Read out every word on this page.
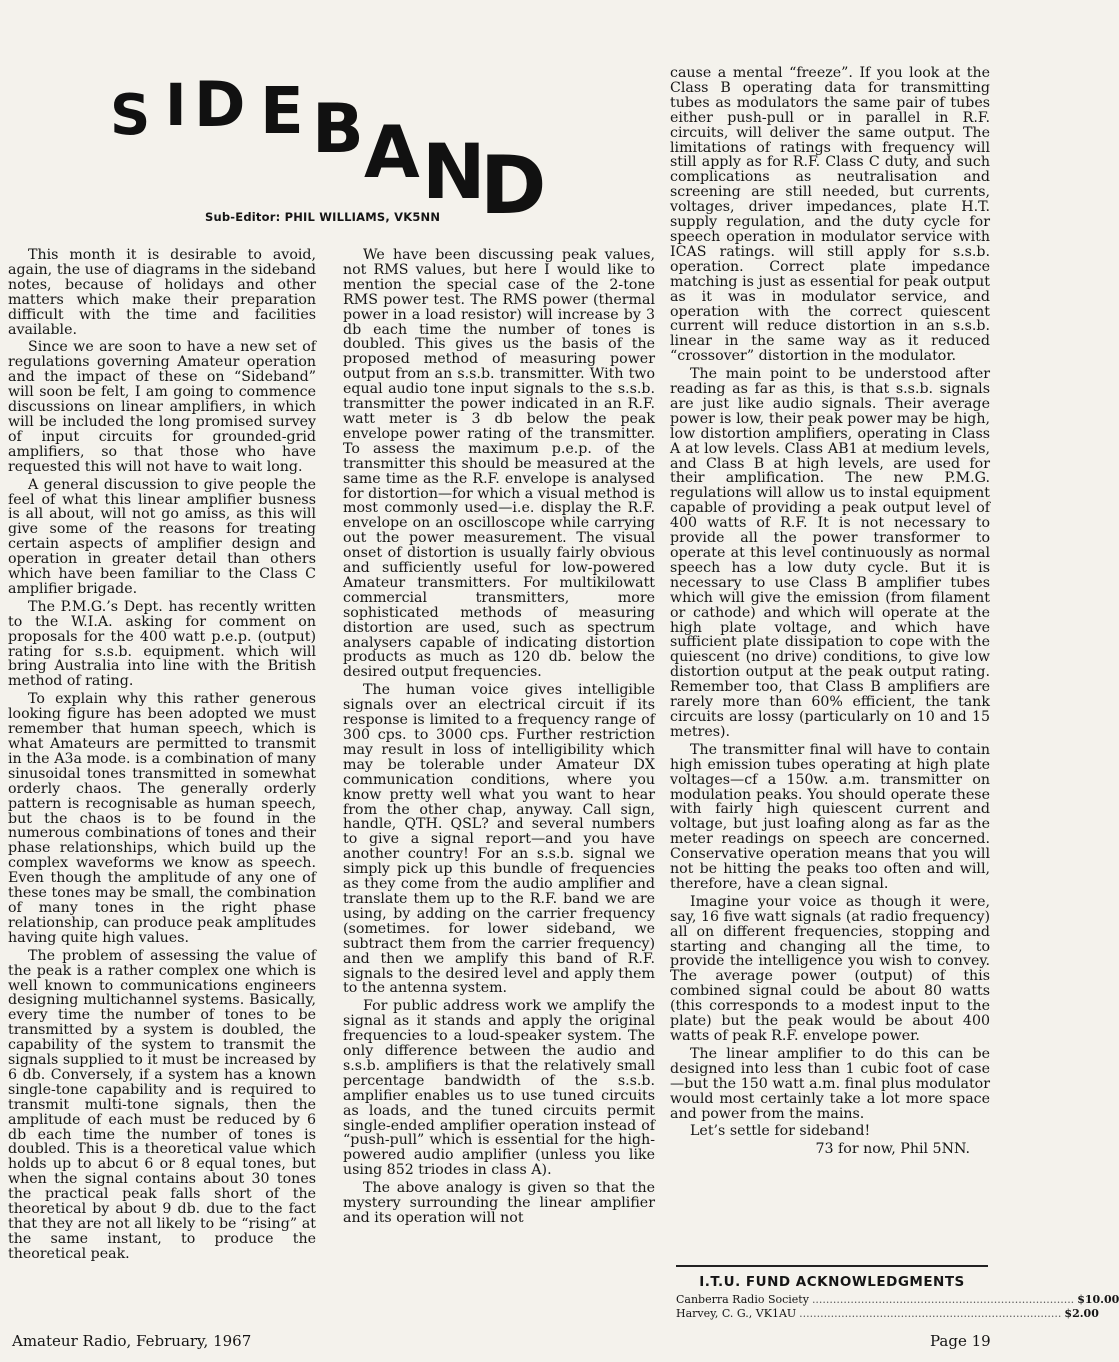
S I D E B A N
D
Sub-Editor: PHIL WILLIAMS, VK5NN

This month it is desirable to avoid, again, the use of diagrams in the sideband notes, because of holidays and other matters which make their preparation difficult with the time and facilities available.

Since we are soon to have a new set of regulations governing Amateur operation and the impact of these on “Sideband” will soon be felt, I am going to commence discussions on linear amplifiers, in which will be included the long promised survey of input circuits for grounded-grid amplifiers, so that those who have requested this will not have to wait long.

A general discussion to give people the feel of what this linear amplifier busness is all about, will not go amiss, as this will give some of the reasons for treating certain aspects of amplifier design and operation in greater detail than others which have been familiar to the Class C amplifier brigade.

The P.M.G.’s Dept. has recently written to the W.I.A. asking for comment on proposals for the 400 watt p.e.p. (output) rating for s.s.b. equipment. which will bring Australia into line with the British method of rating.

To explain why this rather generous looking figure has been adopted we must remember that human speech, which is what Amateurs are permitted to transmit in the A3a mode. is a combination of many sinusoidal tones transmitted in somewhat orderly chaos. The generally orderly pattern is recognisable as human speech, but the chaos is to be found in the numerous combinations of tones and their phase relationships, which build up the complex waveforms we know as speech. Even though the amplitude of any one of these tones may be small, the combination of many tones in the right phase relationship, can produce peak amplitudes having quite high values.

The problem of assessing the value of the peak is a rather complex one which is well known to communications engineers designing multichannel systems. Basically, every time the number of tones to be transmitted by a system is doubled, the capability of the system to transmit the signals supplied to it must be increased by 6 db. Conversely, if a system has a known single-tone capability and is required to transmit multi-tone signals, then the amplitude of each must be reduced by 6 db each time the number of tones is doubled. This is a theoretical value which holds up to abcut 6 or 8 equal tones, but when the signal contains about 30 tones the practical peak falls short of the theoretical by about 9 db. due to the fact that they are not all likely to be “rising” at the same instant, to produce the theoretical peak.

We have been discussing peak values, not RMS values, but here I would like to mention the special case of the 2-tone RMS power test. The RMS power (thermal power in a load resistor) will increase by 3 db each time the number of tones is doubled. This gives us the basis of the proposed method of measuring power output from an s.s.b. transmitter. With two equal audio tone input signals to the s.s.b. transmitter the power indicated in an R.F. watt meter is 3 db below the peak envelope power rating of the transmitter. To assess the maximum p.e.p. of the transmitter this should be measured at the same time as the R.F. envelope is analysed for distortion—for which a visual method is most commonly used—i.e. display the R.F. envelope on an oscilloscope while carrying out the power measurement. The visual onset of distortion is usually fairly obvious and sufficiently useful for low-powered Amateur transmitters. For multikilowatt commercial transmitters, more sophisticated methods of measuring distortion are used, such as spectrum analysers capable of indicating distortion products as much as 120 db. below the desired output frequencies.

The human voice gives intelligible signals over an electrical circuit if its response is limited to a frequency range of 300 cps. to 3000 cps. Further restriction may result in loss of intelligibility which may be tolerable under Amateur DX communication conditions, where you know pretty well what you want to hear from the other chap, anyway. Call sign, handle, QTH. QSL? and several numbers to give a signal report—and you have another country! For an s.s.b. signal we simply pick up this bundle of frequencies as they come from the audio amplifier and translate them up to the R.F. band we are using, by adding on the carrier frequency (sometimes. for lower sideband, we subtract them from the carrier frequency) and then we amplify this band of R.F. signals to the desired level and apply them to the antenna system.

For public address work we amplify the signal as it stands and apply the original frequencies to a loud-speaker system. The only difference between the audio and s.s.b. amplifiers is that the relatively small percentage bandwidth of the s.s.b. amplifier enables us to use tuned circuits as loads, and the tuned circuits permit single-ended amplifier operation instead of “push-pull” which is essential for the high-powered audio amplifier (unless you like using 852 triodes in class A).

The above analogy is given so that the mystery surrounding the linear amplifier and its operation will not

cause a mental “freeze”. If you look at the Class B operating data for transmitting tubes as modulators the same pair of tubes either push-pull or in parallel in R.F. circuits, will deliver the same output. The limitations of ratings with frequency will still apply as for R.F. Class C duty, and such complications as neutralisation and screening are still needed, but currents, voltages, driver impedances, plate H.T. supply regulation, and the duty cycle for speech operation in modulator service with ICAS ratings. will still apply for s.s.b. operation. Correct plate impedance matching is just as essential for peak output as it was in modulator service, and operation with the correct quiescent current will reduce distortion in an s.s.b. linear in the same way as it reduced “crossover” distortion in the modulator.

The main point to be understood after reading as far as this, is that s.s.b. signals are just like audio signals. Their average power is low, their peak power may be high, low distortion amplifiers, operating in Class A at low levels. Class AB1 at medium levels, and Class B at high levels, are used for their amplification. The new P.M.G. regulations will allow us to instal equipment capable of providing a peak output level of 400 watts of R.F. It is not necessary to provide all the power transformer to operate at this level continuously as normal speech has a low duty cycle. But it is necessary to use Class B amplifier tubes which will give the emission (from filament or cathode) and which will operate at the high plate voltage, and which have sufficient plate dissipation to cope with the quiescent (no drive) conditions, to give low distortion output at the peak output rating. Remember too, that Class B amplifiers are rarely more than 60% efficient, the tank circuits are lossy (particularly on 10 and 15 metres).

The transmitter final will have to contain high emission tubes operating at high plate voltages—cf a 150w. a.m. transmitter on modulation peaks. You should operate these with fairly high quiescent current and voltage, but just loafing along as far as the meter readings on speech are concerned. Conservative operation means that you will not be hitting the peaks too often and will, therefore, have a clean signal.

Imagine your voice as though it were, say, 16 five watt signals (at radio frequency) all on different frequencies, stopping and starting and changing all the time, to provide the intelligence you wish to convey. The average power (output) of this combined signal could be about 80 watts (this corresponds to a modest input to the plate) but the peak would be about 400 watts of peak R.F. envelope power.

The linear amplifier to do this can be designed into less than 1 cubic foot of case—but the 150 watt a.m. final plus modulator would most certainly take a lot more space and power from the mains.

Let’s settle for sideband!

73 for now, Phil 5NN.

I.T.U. FUND ACKNOWLEDGMENTS
Canberra Radio Society ........................................................................... $10.00
Harvey, C. G., VK1AU ........................................................................... $2.00
Amateur Radio, February, 1967	Page 19
